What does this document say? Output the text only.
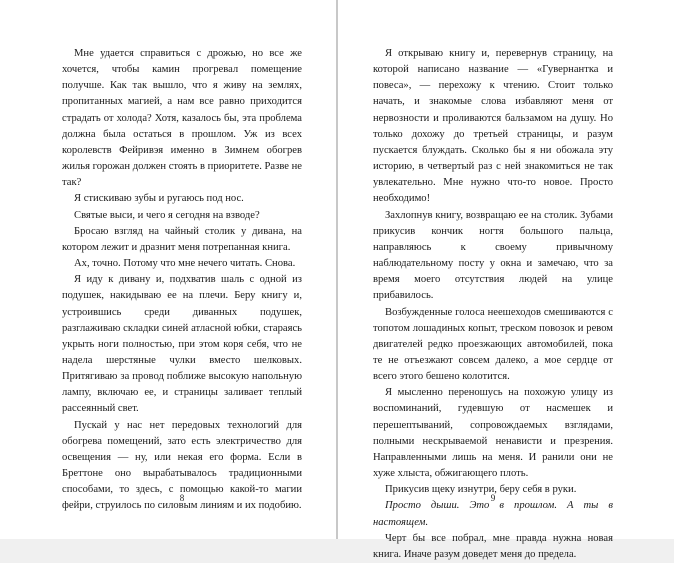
Мне удается справиться с дрожью, но все же хочется, чтобы камин прогревал помещение получше. Как так вышло, что я живу на землях, пропитанных магией, а нам все равно приходится страдать от холода? Хотя, казалось бы, эта проблема должна была остаться в прошлом. Уж из всех королевств Фейривэя именно в Зимнем обогрев жилья горожан должен стоять в приоритете. Разве не так?

Я стискиваю зубы и ругаюсь под нос.

Святые выси, и чего я сегодня на взводе?

Бросаю взгляд на чайный столик у дивана, на котором лежит и дразнит меня потрепанная книга.

Ах, точно. Потому что мне нечего читать. Снова.

Я иду к дивану и, подхватив шаль с одной из подушек, накидываю ее на плечи. Беру книгу и, устроившись среди диванных подушек, разглаживаю складки синей атласной юбки, стараясь укрыть ноги полностью, при этом коря себя, что не надела шерстяные чулки вместо шелковых. Притягиваю за провод поближе высокую напольную лампу, включаю ее, и страницы заливает теплый рассеянный свет.

Пускай у нас нет передовых технологий для обогрева помещений, зато есть электричество для освещения — ну, или некая его форма. Если в Бреттоне оно вырабатывалось традиционными способами, то здесь, с помощью какой-то магии фейри, струилось по силовым линиям и их подобию.

8

Я открываю книгу и, перевернув страницу, на которой написано название — «Гувернантка и повеса», — перехожу к чтению. Стоит только начать, и знакомые слова избавляют меня от нервозности и проливаются бальзамом на душу. Но только дохожу до третьей страницы, и разум пускается блуждать. Сколько бы я ни обожала эту историю, в четвертый раз с ней знакомиться не так увлекательно. Мне нужно что-то новое. Просто необходимо!

Захлопнув книгу, возвращаю ее на столик. Зубами прикусив кончик ногтя большого пальца, направляюсь к своему привычному наблюдательному посту у окна и замечаю, что за время моего отсутствия людей на улице прибавилось.

Возбужденные голоса неешеходов смешиваются с топотом лошадиных копыт, треском повозок и ревом двигателей редко проезжающих автомобилей, пока те не отъезжают совсем далеко, а мое сердце от всего этого бешено колотится.

Я мысленно переношусь на похожую улицу из воспоминаний, гудевшую от насмешек и перешептываний, сопровождаемых взглядами, полными нескрываемой ненависти и презрения. Направленными лишь на меня. И ранили они не хуже хлыста, обжигающего плоть.

Прикусив щеку изнутри, беру себя в руки.

Просто дыши. Это в прошлом. А ты в настоящем.

Черт бы все побрал, мне правда нужна новая книга. Иначе разум доведет меня до предела.

9
